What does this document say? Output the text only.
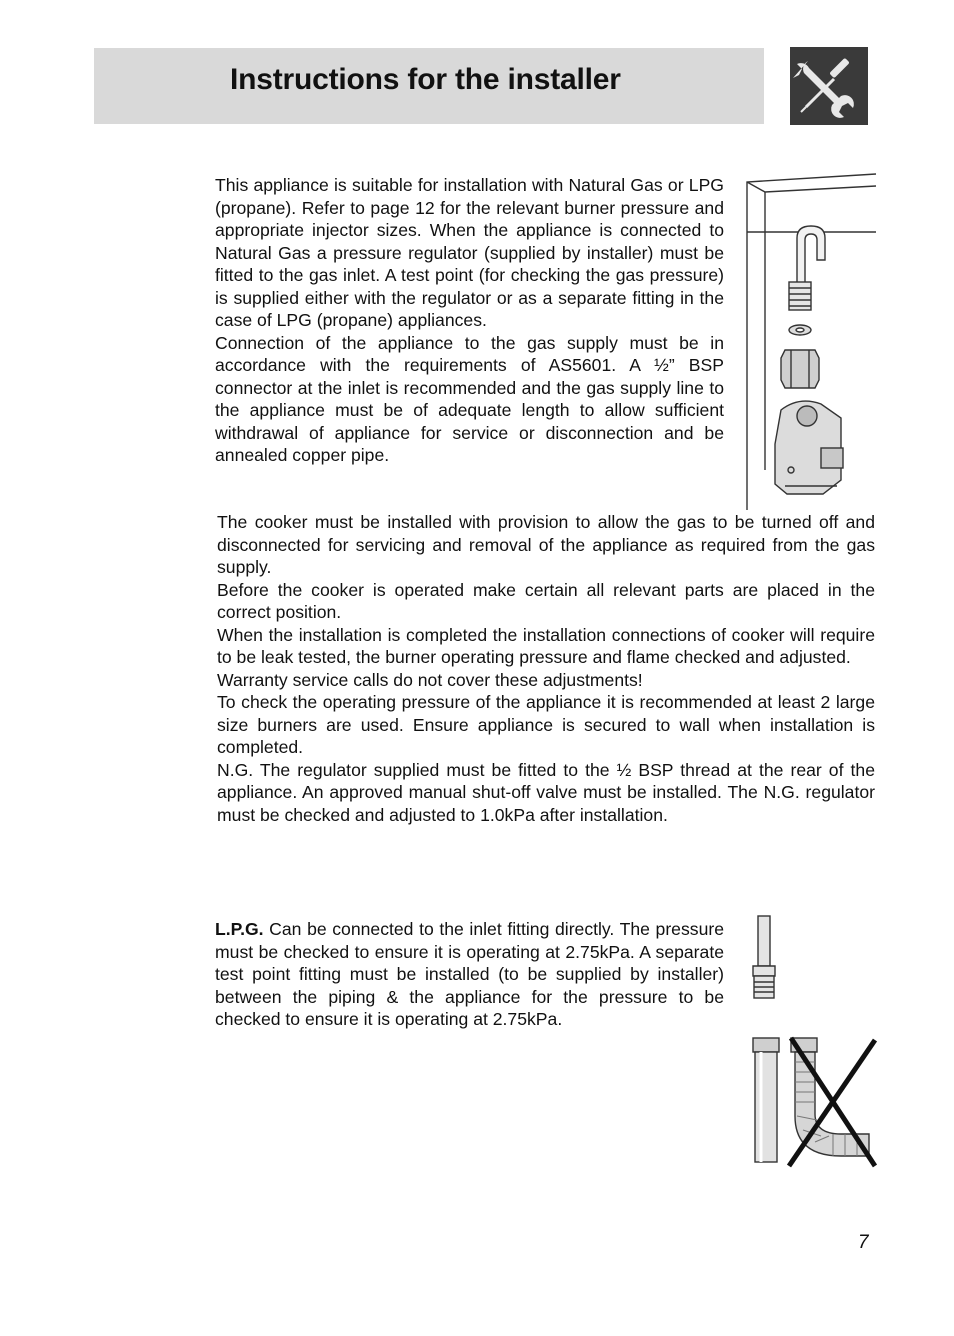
Instructions for the installer

This appliance is suitable for installation with Natural Gas or LPG (propane). Refer to page 12 for the relevant burner pressure and appropriate injector sizes. When the appliance is connected to Natural Gas a pressure regulator (supplied by installer) must be fitted to the gas inlet. A test point (for checking the gas pressure) is supplied either with the regulator or as a separate fitting in the case of LPG (propane) appliances.

Connection of the appliance to the gas supply must be in accordance with the requirements of AS5601. A ½” BSP connector at the inlet is recommended and the gas supply line to the appliance must be of adequate length to allow sufficient withdrawal of appliance for service or disconnection and be annealed copper pipe.

The cooker must be installed with provision to allow the gas to be turned off and disconnected for servicing and removal of the appliance as required from the gas supply.

Before the cooker is operated make certain all relevant parts are placed in the correct position.

When the installation is completed the installation connections of cooker will require to be leak tested, the burner operating pressure and flame checked and adjusted.

Warranty service calls do not cover these adjustments!

To check the operating pressure of the appliance it is recommended at least 2 large size burners are used. Ensure appliance is secured to wall when installation is completed.

N.G. The regulator supplied must be fitted to the ½ BSP thread at the rear of the appliance. An approved manual shut-off valve must be installed. The N.G. regulator must be checked and adjusted to 1.0kPa after installation.

L.P.G. Can be connected to the inlet fitting directly. The pressure must be checked to ensure it is operating at 2.75kPa. A separate test point fitting must be installed (to be supplied by installer) between the piping & the appliance for the pressure to be checked to ensure it is operating at 2.75kPa.

7
